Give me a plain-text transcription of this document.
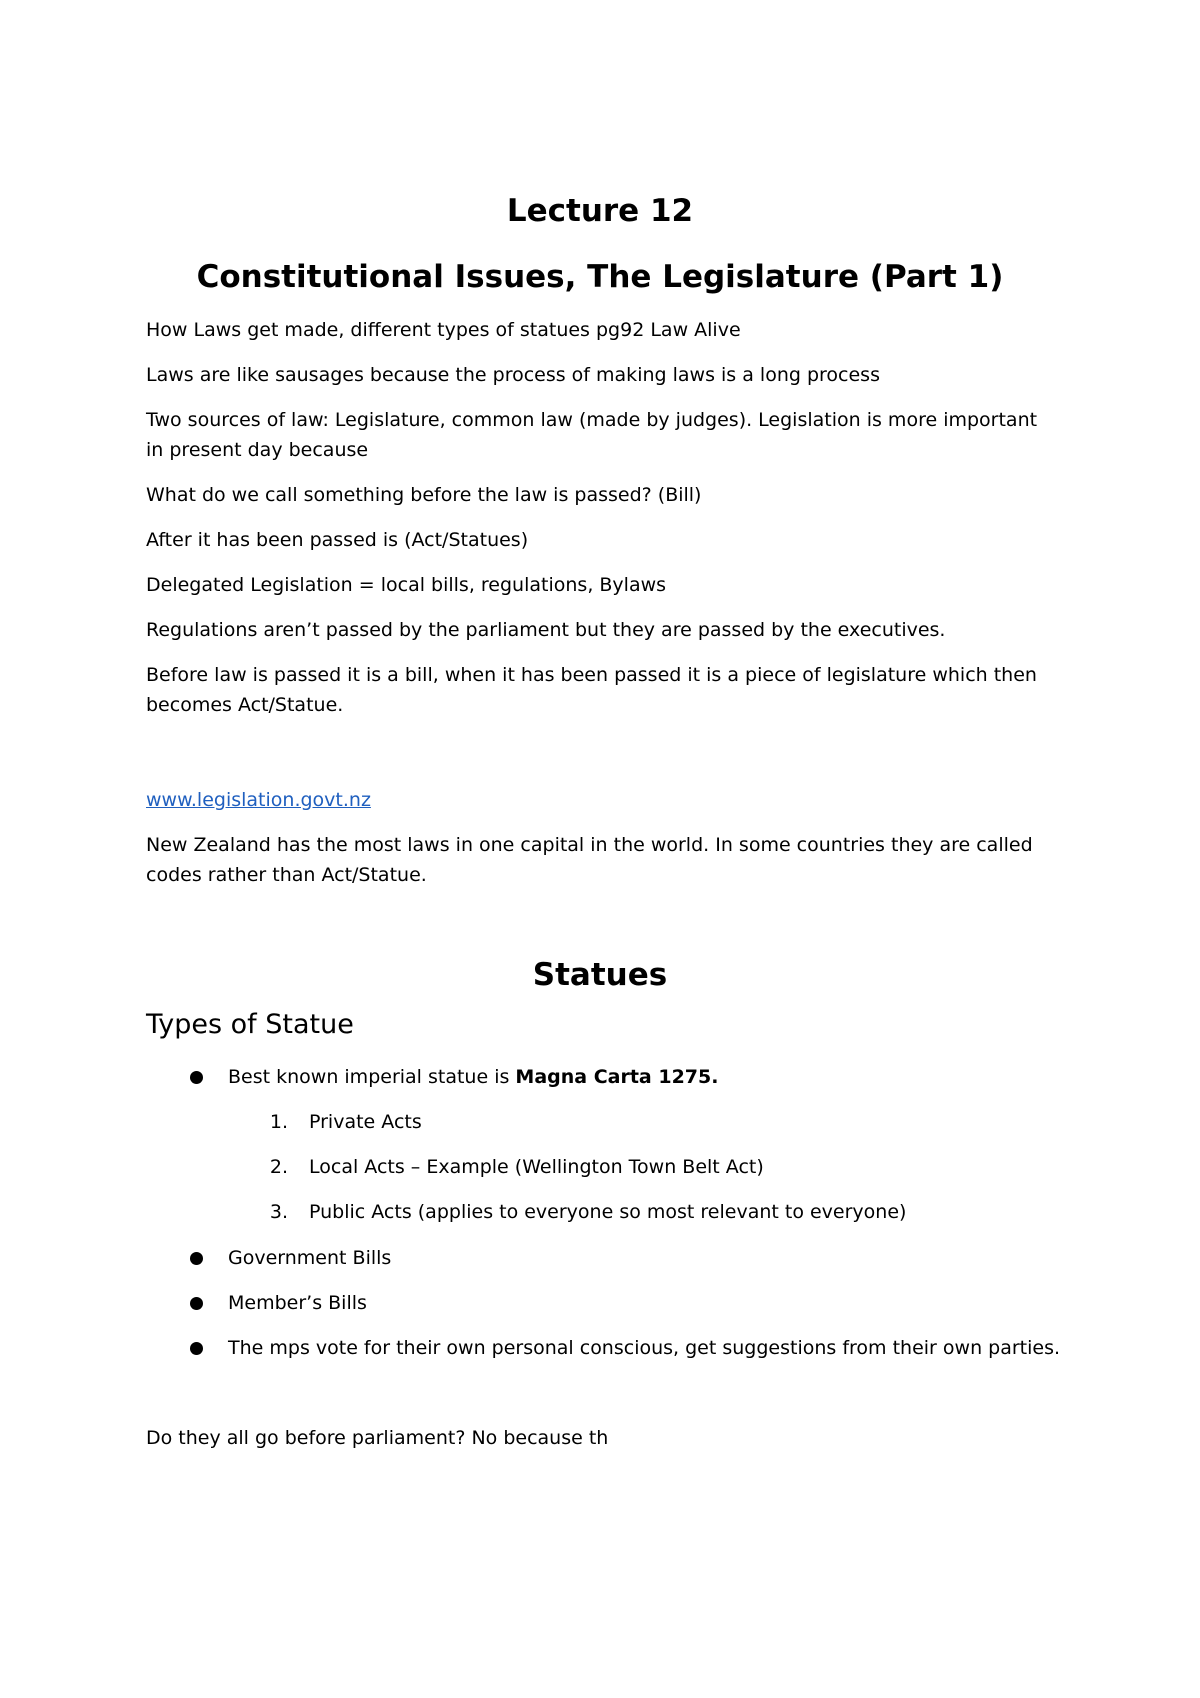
Lecture 12
Constitutional Issues, The Legislature (Part 1)
How Laws get made, different types of statues pg92 Law Alive
Laws are like sausages because the process of making laws is a long process
Two sources of law: Legislature, common law (made by judges). Legislation is more important in present day because
What do we call something before the law is passed? (Bill)
After it has been passed is (Act/Statues)
Delegated Legislation = local bills, regulations, Bylaws
Regulations aren’t passed by the parliament but they are passed by the executives.
Before law is passed it is a bill, when it has been passed it is a piece of legislature which then becomes Act/Statue.
www.legislation.govt.nz
New Zealand has the most laws in one capital in the world. In some countries they are called codes rather than Act/Statue.
Statues
Types of Statue
Best known imperial statue is Magna Carta 1275.
1. Private Acts
2. Local Acts – Example (Wellington Town Belt Act)
3. Public Acts (applies to everyone so most relevant to everyone)
Government Bills
Member’s Bills
The mps vote for their own personal conscious, get suggestions from their own parties.
Do they all go before parliament? No because th
